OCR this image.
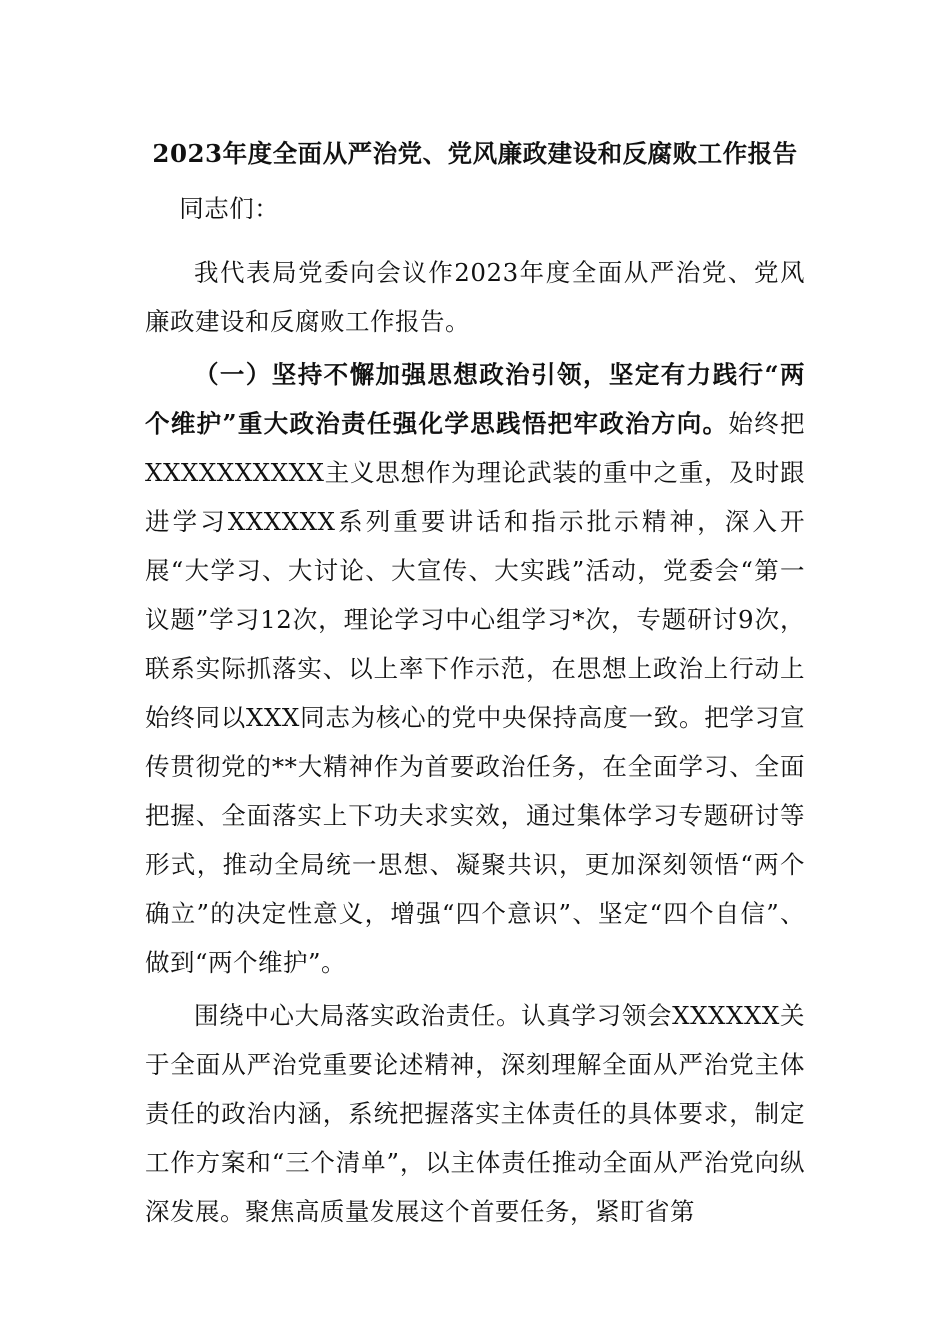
2023年度全面从严治党、党风廉政建设和反腐败工作报告

同志们：

我代表局党委向会议作2023年度全面从严治党、党风廉政建设和反腐败工作报告。

（一）坚持不懈加强思想政治引领，坚定有力践行“两个维护”重大政治责任强化学思践悟把牢政治方向。始终把XXXXXXXXXX主义思想作为理论武装的重中之重，及时跟进学习XXXXXX系列重要讲话和指示批示精神，深入开展“大学习、大讨论、大宣传、大实践”活动，党委会“第一议题”学习12次，理论学习中心组学习*次，专题研讨9次，联系实际抓落实、以上率下作示范，在思想上政治上行动上始终同以XXX同志为核心的党中央保持高度一致。把学习宣传贯彻党的**大精神作为首要政治任务，在全面学习、全面把握、全面落实上下功夫求实效，通过集体学习专题研讨等形式，推动全局统一思想、凝聚共识，更加深刻领悟“两个确立”的决定性意义，增强“四个意识”、坚定“四个自信”、做到“两个维护”。

围绕中心大局落实政治责任。认真学习领会XXXXXX关于全面从严治党重要论述精神，深刻理解全面从严治党主体责任的政治内涵，系统把握落实主体责任的具体要求，制定工作方案和“三个清单”，以主体责任推动全面从严治党向纵深发展。聚焦高质量发展这个首要任务，紧盯省第
